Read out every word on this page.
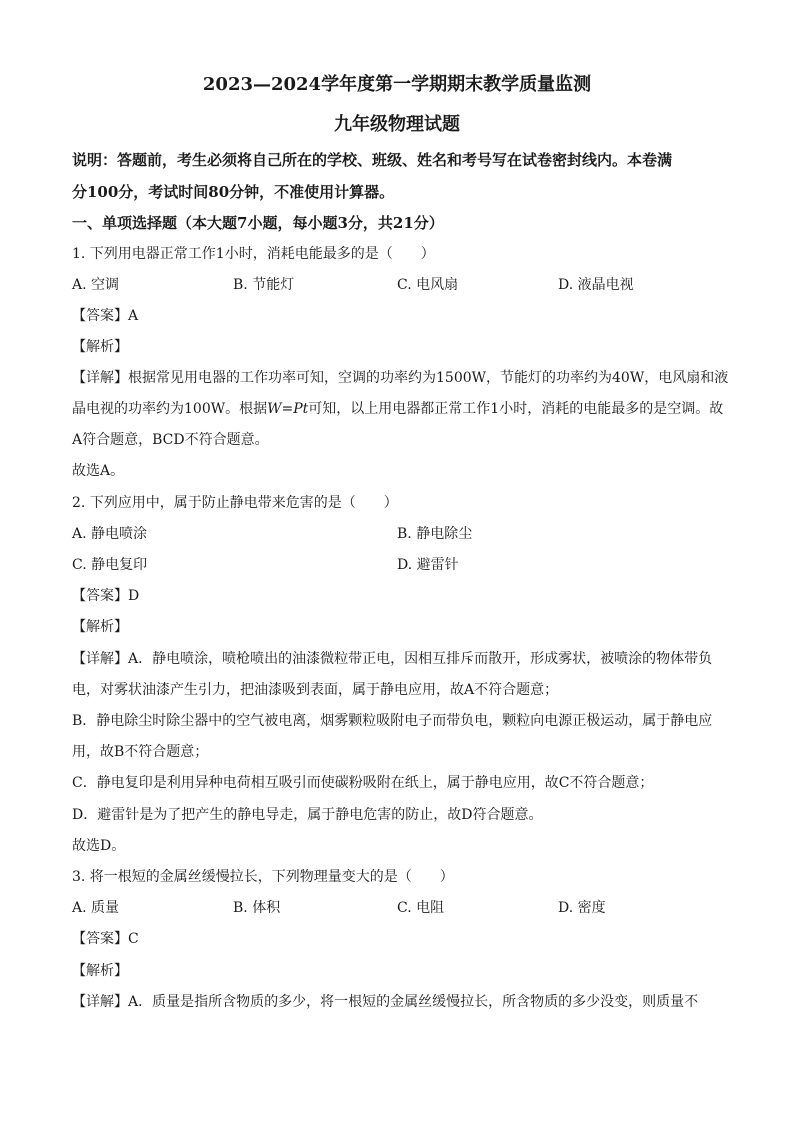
2023—2024学年度第一学期期末教学质量监测
九年级物理试题
说明：答题前，考生必须将自己所在的学校、班级、姓名和考号写在试卷密封线内。本卷满
分100分，考试时间80分钟，不准使用计算器。
一、单项选择题（本大题7小题，每小题3分，共21分）
1. 下列用电器正常工作1小时，消耗电能最多的是（　　）
A. 空调	B. 节能灯	C. 电风扇	D. 液晶电视
【答案】A
【解析】
【详解】根据常见用电器的工作功率可知，空调的功率约为1500W，节能灯的功率约为40W，电风扇和液
晶电视的功率约为100W。根据W=Pt可知，以上用电器都正常工作1小时，消耗的电能最多的是空调。故
A符合题意，BCD不符合题意。
故选A。
2. 下列应用中，属于防止静电带来危害的是（　　）
A. 静电喷涂	B. 静电除尘
C. 静电复印	D. 避雷针
【答案】D
【解析】
【详解】A．静电喷涂，喷枪喷出的油漆微粒带正电，因相互排斥而散开，形成雾状，被喷涂的物体带负
电，对雾状油漆产生引力，把油漆吸到表面，属于静电应用，故A不符合题意；
B．静电除尘时除尘器中的空气被电离，烟雾颗粒吸附电子而带负电，颗粒向电源正极运动，属于静电应
用，故B不符合题意；
C．静电复印是利用异种电荷相互吸引而使碳粉吸附在纸上，属于静电应用，故C不符合题意；
D．避雷针是为了把产生的静电导走，属于静电危害的防止，故D符合题意。
故选D。
3. 将一根短的金属丝缓慢拉长，下列物理量变大的是（　　）
A. 质量	B. 体积	C. 电阻	D. 密度
【答案】C
【解析】
【详解】A．质量是指所含物质的多少，将一根短的金属丝缓慢拉长，所含物质的多少没变，则质量不
